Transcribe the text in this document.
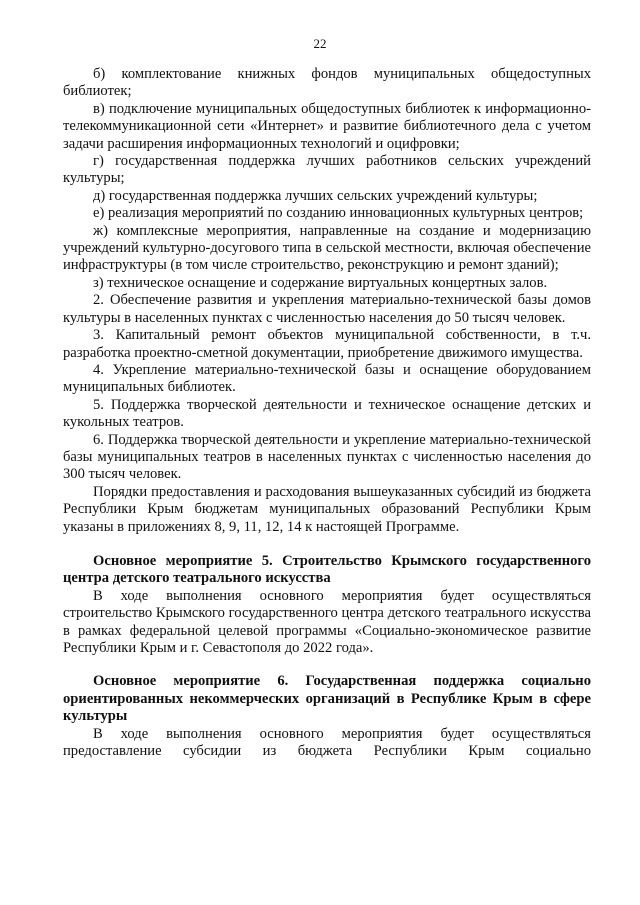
22

б) комплектование книжных фондов муниципальных общедоступных библиотек;

в) подключение муниципальных общедоступных библиотек к информационно-телекоммуникационной сети «Интернет» и развитие библиотечного дела с учетом задачи расширения информационных технологий и оцифровки;

г) государственная поддержка лучших работников сельских учреждений культуры;

д) государственная поддержка лучших сельских учреждений культуры;

е) реализация мероприятий по созданию инновационных культурных центров;

ж) комплексные мероприятия, направленные на создание и модернизацию учреждений культурно-досугового типа в сельской местности, включая обеспечение инфраструктуры (в том числе строительство, реконструкцию и ремонт зданий);

з) техническое оснащение и содержание виртуальных концертных залов.

2. Обеспечение развития и укрепления материально-технической базы домов культуры в населенных пунктах с численностью населения до 50 тысяч человек.

3. Капитальный ремонт объектов муниципальной собственности, в т.ч. разработка проектно-сметной документации, приобретение движимого имущества.

4. Укрепление материально-технической базы и оснащение оборудованием муниципальных библиотек.

5. Поддержка творческой деятельности и техническое оснащение детских и кукольных театров.

6. Поддержка творческой деятельности и укрепление материально-технической базы муниципальных театров в населенных пунктах с численностью населения до 300 тысяч человек.

Порядки предоставления и расходования вышеуказанных субсидий из бюджета Республики Крым бюджетам муниципальных образований Республики Крым указаны в приложениях 8, 9, 11, 12, 14 к настоящей Программе.

Основное мероприятие 5. Строительство Крымского государственного центра детского театрального искусства

В ходе выполнения основного мероприятия будет осуществляться строительство Крымского государственного центра детского театрального искусства в рамках федеральной целевой программы «Социально-экономическое развитие Республики Крым и г. Севастополя до 2022 года».

Основное мероприятие 6. Государственная поддержка социально ориентированных некоммерческих организаций в Республике Крым в сфере культуры

В ходе выполнения основного мероприятия будет осуществляться предоставление субсидии из бюджета Республики Крым социально
